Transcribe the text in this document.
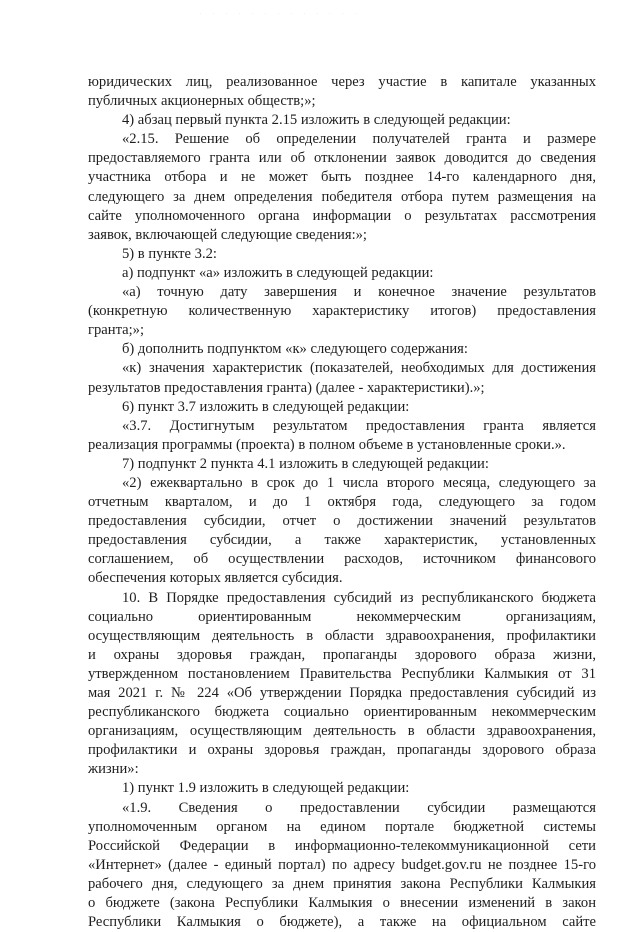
· · · · · · · · · · · · ·
юридических лиц, реализованное через участие в капитале указанных
публичных акционерных обществ;»;
4) абзац первый пункта 2.15 изложить в следующей редакции:
«2.15. Решение об определении получателей гранта и размере
предоставляемого гранта или об отклонении заявок доводится до сведения
участника отбора и не может быть позднее 14-го календарного дня,
следующего за днем определения победителя отбора путем размещения на
сайте уполномоченного органа информации о результатах рассмотрения
заявок, включающей следующие сведения:»;
5) в пункте 3.2:
а) подпункт «а» изложить в следующей редакции:
«а) точную дату завершения и конечное значение результатов
(конкретную количественную характеристику итогов) предоставления
гранта;»;
б) дополнить подпунктом «к» следующего содержания:
«к) значения характеристик (показателей, необходимых для достижения
результатов предоставления гранта) (далее - характеристики).»;
6) пункт 3.7 изложить в следующей редакции:
«3.7. Достигнутым результатом предоставления гранта является
реализация программы (проекта) в полном объеме в установленные сроки.».
7) подпункт 2 пункта 4.1 изложить в следующей редакции:
«2) ежеквартально в срок до 1 числа второго месяца, следующего за
отчетным кварталом, и до 1 октября года, следующего за годом
предоставления субсидии, отчет о достижении значений результатов
предоставления субсидии, а также характеристик, установленных
соглашением, об осуществлении расходов, источником финансового
обеспечения которых является субсидия.
10. В Порядке предоставления субсидий из республиканского бюджета
социально ориентированным некоммерческим организациям,
осуществляющим деятельность в области здравоохранения, профилактики
и охраны здоровья граждан, пропаганды здорового образа жизни,
утвержденном постановлением Правительства Республики Калмыкия от 31
мая 2021 г. № 224 «Об утверждении Порядка предоставления субсидий из
республиканского бюджета социально ориентированным некоммерческим
организациям, осуществляющим деятельность в области здравоохранения,
профилактики и охраны здоровья граждан, пропаганды здорового образа
жизни»:
1) пункт 1.9 изложить в следующей редакции:
«1.9. Сведения о предоставлении субсидии размещаются
уполномоченным органом на едином портале бюджетной системы
Российской Федерации в информационно-телекоммуникационной сети
«Интернет» (далее - единый портал) по адресу budget.gov.ru не позднее 15-го
рабочего дня, следующего за днем принятия закона Республики Калмыкия
о бюджете (закона Республики Калмыкия о внесении изменений в закон
Республики Калмыкия о бюджете), а также на официальном сайте
